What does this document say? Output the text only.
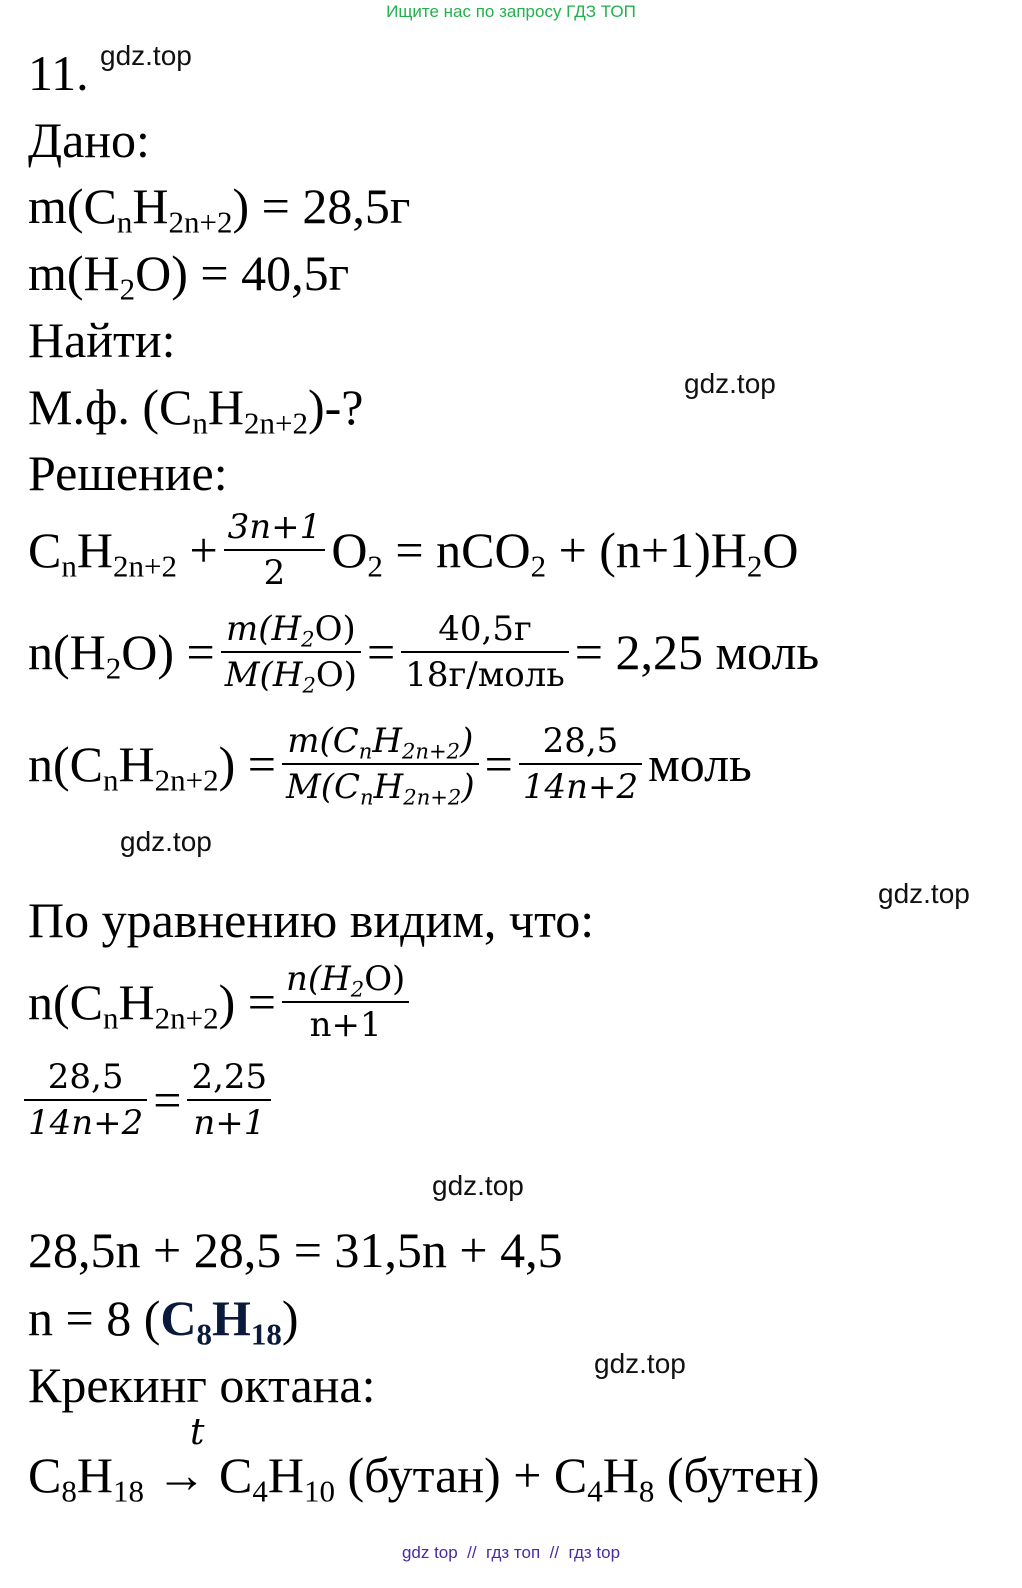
Ищите нас по запросу ГДЗ ТОП
gdz.top
gdz.top
gdz.top
gdz.top
gdz.top
gdz.top
11.
Дано:
$m(C_nH_{2n+2}) = 28,5г$
$m(H_2O) = 40,5г$
Найти:
М.ф. $(C_nH_{2n+2})-$?
Решение:
$C_nH_{2n+2} + \frac{3n+1}{2} O_2 = nCO_2 + (n+1)H_2O$
$n(H_2O) = \frac{m(H_2O)}{M(H_2O)} = \frac{40,5г}{\text{18г/моль}} = 2,25$ моль
$n(C_nH_{2n+2}) = \frac{m(C_nH_{2n+2})}{M(C_nH_{2n+2})} = \frac{28,5}{14n+2}$ моль
По уравнению видим, что:
$n(C_nH_{2n+2}) = \frac{n(H_2O)}{n+1}$
$\frac{28,5}{14n+2} = \frac{2,25}{n+1}$
28,5n + 28,5 = 31,5n + 4,5
n = 8 $(C_8H_{18})$
Крекинг октана:
t
$C_8H_{18} \to C_4H_{10}$ (бутан) + $C_4H_8$ (бутен)
gdz top  //  гдз топ  //  гдз top
